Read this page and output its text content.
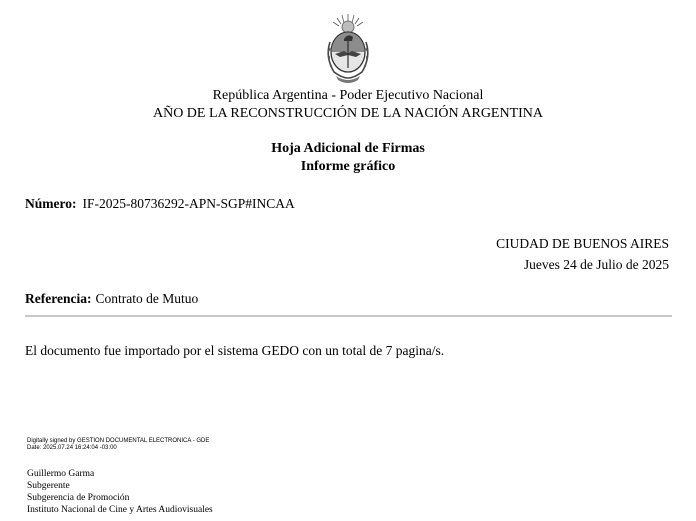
República Argentina - Poder Ejecutivo Nacional
AÑO DE LA RECONSTRUCCIÓN DE LA NACIÓN ARGENTINA
Hoja Adicional de Firmas
Informe gráfico
Número: IF-2025-80736292-APN-SGP#INCAA
CIUDAD DE BUENOS AIRES
Jueves 24 de Julio de 2025
Referencia: Contrato de Mutuo
El documento fue importado por el sistema GEDO con un total de 7 pagina/s.
Digitally signed by GESTION DOCUMENTAL ELECTRONICA - GDE
Date: 2025.07.24 16:24:04 -03:00
Guillermo Garma
Subgerente
Subgerencia de Promoción
Instituto Nacional de Cine y Artes Audiovisuales
